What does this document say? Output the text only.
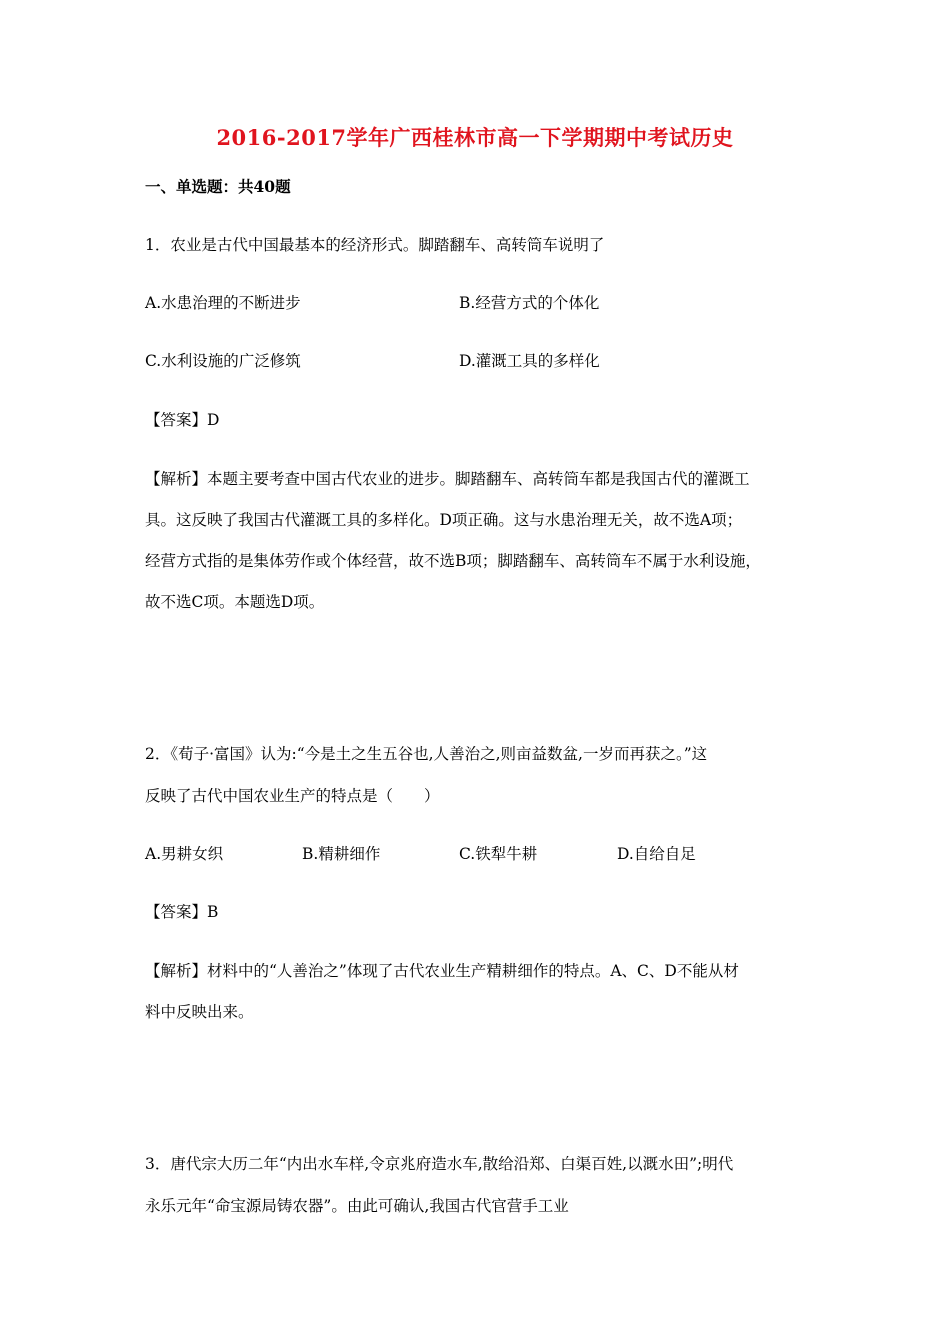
2016-2017学年广西桂林市高一下学期期中考试历史
一、单选题：共40题
1．农业是古代中国最基本的经济形式。脚踏翻车、高转筒车说明了
A.水患治理的不断进步	B.经营方式的个体化
C.水利设施的广泛修筑	D.灌溉工具的多样化
【答案】D
【解析】本题主要考查中国古代农业的进步。脚踏翻车、高转筒车都是我国古代的灌溉工
具。这反映了我国古代灌溉工具的多样化。D项正确。这与水患治理无关，故不选A项；
经营方式指的是集体劳作或个体经营，故不选B项；脚踏翻车、高转筒车不属于水利设施，
故不选C项。本题选D项。
2．《荀子·富国》认为:“今是土之生五谷也,人善治之,则亩益数盆,一岁而再获之。”这
反映了古代中国农业生产的特点是（　　）
A.男耕女织	B.精耕细作	C.铁犁牛耕	D.自给自足
【答案】B
【解析】材料中的“人善治之”体现了古代农业生产精耕细作的特点。A、C、D不能从材
料中反映出来。
3．唐代宗大历二年“内出水车样,令京兆府造水车,散给沿郑、白渠百姓,以溉水田”;明代
永乐元年“命宝源局铸农器”。由此可确认,我国古代官营手工业
